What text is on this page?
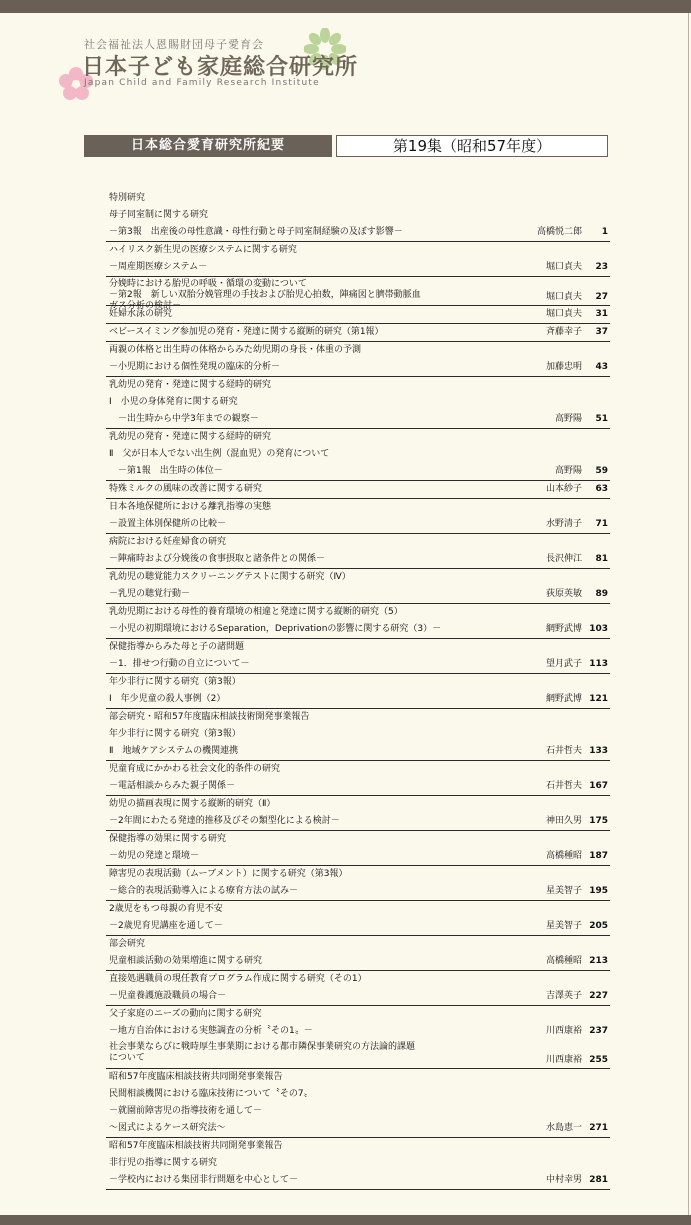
社会福祉法人恩賜財団母子愛育会
日本子ども家庭総合研究所
Japan Child and Family Research Institute
日本総合愛育研究所紀要	第19集（昭和57年度）
特別研究
母子同室制に関する研究
－第3報　出産後の母性意識・母性行動と母子同室制経験の及ぼす影響－	高橋悦二郎	1
ハイリスク新生児の医療システムに関する研究
－周産期医療システム－	堀口貞夫	23
分娩時における胎児の呼吸・循環の変動について
－第2報　新しい双胎分娩管理の手技および胎児心拍数，陣痛図と臍帯動脈血
ガス分析の検討－
堀口貞夫	27
妊婦水泳の研究	堀口貞夫	31
ベビースイミング参加児の発育・発達に関する縦断的研究（第1報）	斉藤幸子	37
両親の体格と出生時の体格からみた幼児期の身長・体重の予測
－小児期における個性発現の臨床的分析－	加藤忠明	43
乳幼児の発育・発達に関する経時的研究
Ⅰ　小児の身体発育に関する研究
　－出生時から中学3年までの観察－	高野陽	51
乳幼児の発育・発達に関する経時的研究
Ⅱ　父が日本人でない出生例（混血児）の発育について
　－第1報　出生時の体位－	高野陽	59
特殊ミルクの風味の改善に関する研究	山本紗子	63
日本各地保健所における離乳指導の実態
－設置主体別保健所の比較－	水野清子	71
病院における妊産婦食の研究
－陣痛時および分娩後の食事摂取と諸条件との関係－	長沢伸江	81
乳幼児の聴覚能力スクリーニングテストに関する研究（Ⅳ）
－乳児の聴覚行動－	荻原英敏	89
乳幼児期における母性的養育環境の相違と発達に関する縦断的研究（5）
－小児の初期環境におけるSeparation，Deprivationの影響に関する研究（3）－	網野武博 103
保健指導からみた母と子の諸問題
－1．排せつ行動の自立について－	望月武子 113
年少非行に関する研究（第3報）
Ⅰ　年少児童の殺人事例（2）	網野武博 121
部会研究・昭和57年度臨床相談技術開発事業報告
年少非行に関する研究（第3報）
Ⅱ　地域ケアシステムの機関連携	石井哲夫 133
児童育成にかかわる社会文化的条件の研究
－電話相談からみた親子関係－	石井哲夫 167
幼児の描画表現に関する縦断的研究（Ⅱ）
－2年間にわたる発達的推移及びその類型化による検討－	神田久男 175
保健指導の効果に関する研究
－幼児の発達と環境－	高橋種昭 187
障害児の表現活動（ムーブメント）に関する研究（第3報）
－総合的表現活動導入による療育方法の試み－	星美智子 195
2歳児をもつ母親の育児不安
－2歳児育児講座を通して－	星美智子 205
部会研究
児童相談活動の効果増進に関する研究	高橋種昭 213
直接処遇職員の現任教育プログラム作成に関する研究（その1）
－児童養護施設職員の場合－	吉澤英子 227
父子家庭のニーズの動向に関する研究
－地方自治体における実態調査の分析〝その1〟－	川西康裕 237
社会事業ならびに戦時厚生事業期における都市隣保事業研究の方法論的課題
について	川西康裕 255
昭和57年度臨床相談技術共同開発事業報告
民間相談機関における臨床技術について〝その7〟
－就園前障害児の指導技術を通して－
～図式によるケース研究法～	水島恵一 271
昭和57年度臨床相談技術共同開発事業報告
非行児の指導に関する研究
－学校内における集団非行問題を中心として－	中村幸男 281
